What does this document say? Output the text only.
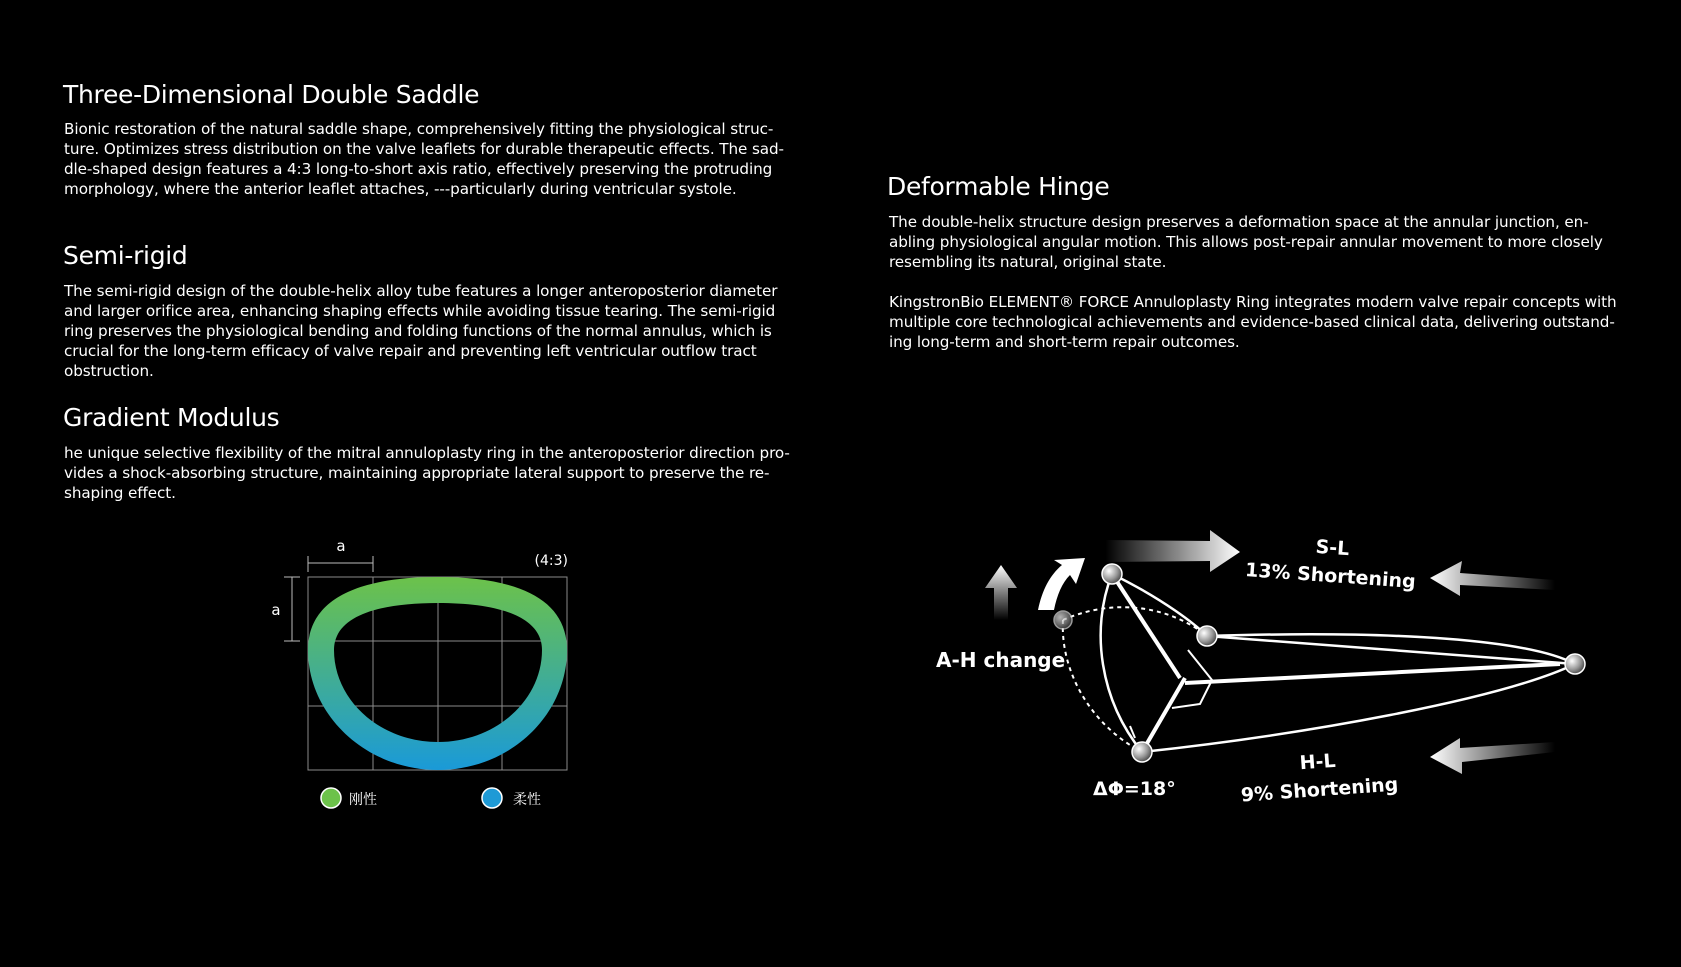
Three-Dimensional Double Saddle

Bionic restoration of the natural saddle shape, comprehensively fitting the physiological struc-
ture. Optimizes stress distribution on the valve leaflets for durable therapeutic effects. The sad-
dle-shaped design features a 4:3 long-to-short axis ratio, effectively preserving the protruding
morphology, where the anterior leaflet attaches, ---particularly during ventricular systole.

Semi-rigid

The semi-rigid design of the double-helix alloy tube features a longer anteroposterior diameter
and larger orifice area, enhancing shaping effects while avoiding tissue tearing. The semi-rigid
ring preserves the physiological bending and folding functions of the normal annulus, which is
crucial for the long-term efficacy of valve repair and preventing left ventricular outflow tract
obstruction.

Gradient Modulus

he unique selective flexibility of the mitral annuloplasty ring in the anteroposterior direction pro-
vides a shock-absorbing structure, maintaining appropriate lateral support to preserve the re-
shaping effect.

Deformable Hinge

The double-helix structure design preserves a deformation space at the annular junction, en-
abling physiological angular motion. This allows post-repair annular movement to more closely
resembling its natural, original state.

KingstronBio ELEMENT® FORCE Annuloplasty Ring integrates modern valve repair concepts with
multiple core technological achievements and evidence-based clinical data, delivering outstand-
ing long-term and short-term repair outcomes.

a
a
(4:3)
刚性	柔性
S-L
13% Shortening
H-L
9% Shortening
A-H change
ΔΦ=18°
